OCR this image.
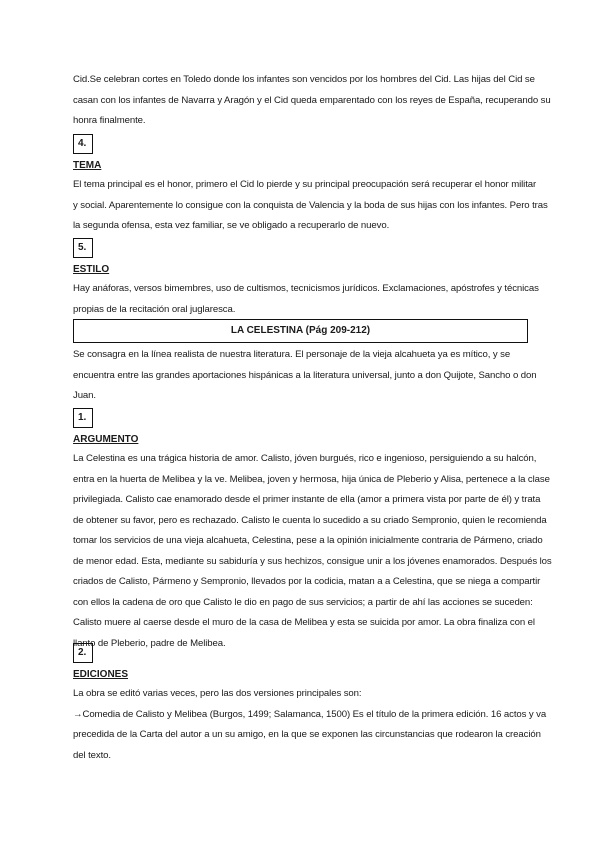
Cid.Se celebran cortes en Toledo donde los infantes son vencidos por los hombres del Cid. Las hijas del Cid se
casan con los infantes de Navarra y Aragón y el Cid queda emparentado con los reyes de España, recuperando su
honra finalmente.

4.

TEMA

El tema principal es el honor, primero el Cid lo pierde y su principal preocupación será recuperar el honor militar
y social. Aparentemente lo consigue con la conquista de Valencia y la boda de sus hijas con los infantes. Pero tras
la segunda ofensa, esta vez familiar, se ve obligado a recuperarlo de nuevo.

5.

ESTILO

Hay anáforas, versos bimembres, uso de cultismos, tecnicismos jurídicos. Exclamaciones, apóstrofes y técnicas
propias de la recitación oral juglaresca.

LA CELESTINA (Pág 209-212)

Se consagra en la línea realista de nuestra literatura. El personaje de la vieja alcahueta ya es mítico, y se
encuentra entre las grandes aportaciones hispánicas a la literatura universal, junto a don Quijote, Sancho o don
Juan.

1.

ARGUMENTO

La Celestina es una trágica historia de amor. Calisto, jóven burgués, rico e ingenioso, persiguiendo a su halcón,
entra en la huerta de Melibea y la ve. Melibea, joven y hermosa, hija única de Pleberio y Alisa, pertenece a la clase
privilegiada. Calisto cae enamorado desde el primer instante de ella (amor a primera vista por parte de él) y trata
de obtener su favor, pero es rechazado. Calisto le cuenta lo sucedido a su criado Sempronio, quien le recomienda
tomar los servicios de una vieja alcahueta, Celestina, pese a la opinión inicialmente contraria de Pármeno, criado
de menor edad. Esta, mediante su sabiduría y sus hechizos, consigue unir a los jóvenes enamorados. Después los
criados de Calisto, Pármeno y Sempronio, llevados por la codicia, matan a a Celestina, que se niega a compartir
con ellos la cadena de oro que Calisto le dio en pago de sus servicios; a partir de ahí las acciones se suceden:
Calisto muere al caerse desde el muro de la casa de Melibea y esta se suicida por amor. La obra finaliza con el
llanto de Pleberio, padre de Melibea.

2.

EDICIONES

La obra se editó varias veces, pero las dos versiones principales son:
→Comedia de Calisto y Melibea (Burgos, 1499; Salamanca, 1500) Es el título de la primera edición. 16 actos y va
precedida de la Carta del autor a un su amigo, en la que se exponen las circunstancias que rodearon la creación
del texto.
